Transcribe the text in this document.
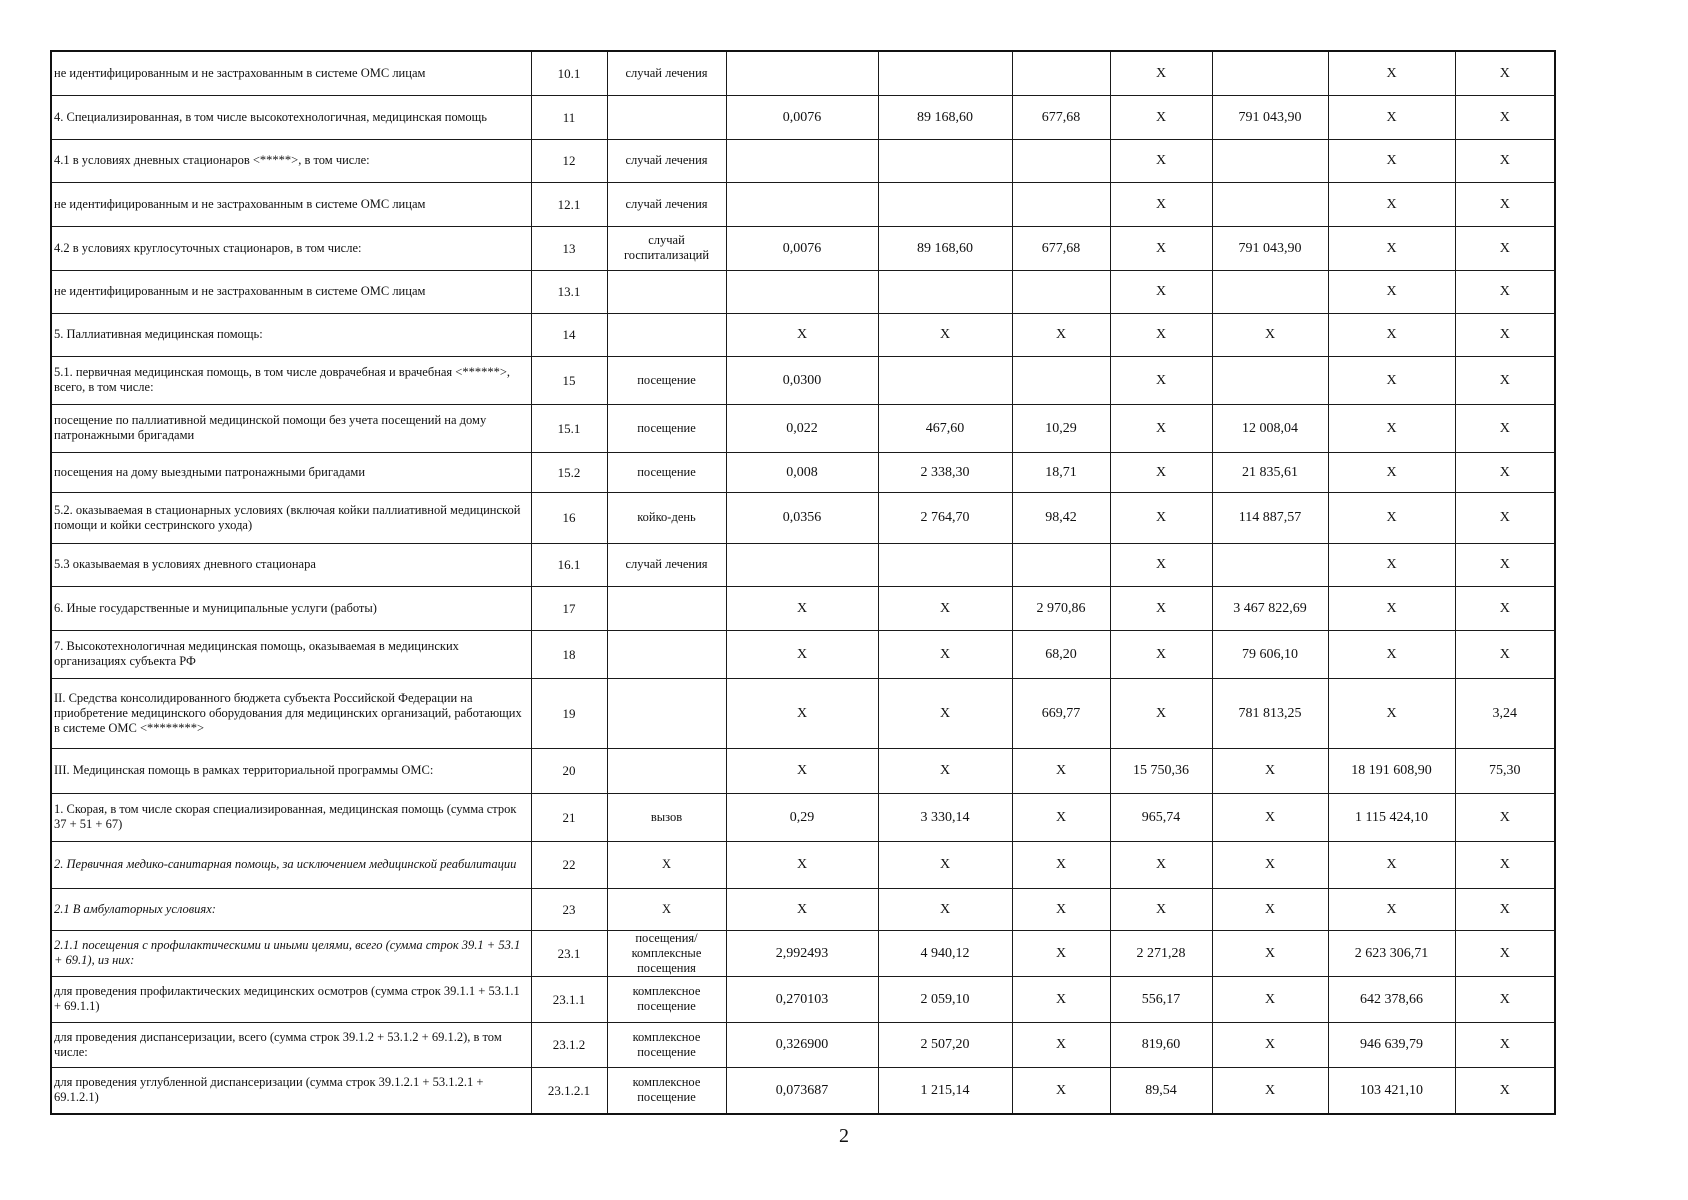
не идентифицированным и не застрахованным в системе ОМС лицам	10.1	случай лечения				Х		Х	Х
4. Специализированная, в том числе высокотехнологичная, медицинская помощь	11		0,0076	89 168,60	677,68	Х	791 043,90	Х	Х
4.1 в условиях дневных стационаров <*****>, в том числе:	12	случай лечения				Х		Х	Х
не идентифицированным и не застрахованным в системе ОМС лицам	12.1	случай лечения				Х		Х	Х
4.2 в условиях круглосуточных стационаров, в том числе:	13	случай госпитализаций	0,0076	89 168,60	677,68	Х	791 043,90	Х	Х
не идентифицированным и не застрахованным в системе ОМС лицам	13.1					Х		Х	Х
5. Паллиативная медицинская помощь:	14		Х	Х	Х	Х	Х	Х	Х
5.1. первичная медицинская помощь, в том числе доврачебная и врачебная <******>, всего, в том числе:	15	посещение	0,0300			Х		Х	Х
посещение по паллиативной медицинской помощи без учета посещений на дому патронажными бригадами	15.1	посещение	0,022	467,60	10,29	Х	12 008,04	Х	Х
посещения на дому выездными патронажными бригадами	15.2	посещение	0,008	2 338,30	18,71	Х	21 835,61	Х	Х
5.2. оказываемая в стационарных условиях (включая койки паллиативной медицинской помощи и койки сестринского ухода)	16	койко-день	0,0356	2 764,70	98,42	Х	114 887,57	Х	Х
5.3 оказываемая в условиях дневного стационара	16.1	случай лечения				Х		Х	Х
6. Иные государственные и муниципальные услуги (работы)	17		Х	Х	2 970,86	Х	3 467 822,69	Х	Х
7. Высокотехнологичная медицинская помощь, оказываемая в медицинских организациях субъекта РФ	18		Х	Х	68,20	Х	79 606,10	Х	Х
II. Средства консолидированного бюджета субъекта Российской Федерации на приобретение медицинского оборудования для медицинских организаций, работающих в системе ОМС <********>	19		Х	Х	669,77	Х	781 813,25	Х	3,24
III. Медицинская помощь в рамках территориальной программы ОМС:	20		Х	Х	Х	15 750,36	Х	18 191 608,90	75,30
1. Скорая, в том числе скорая специализированная, медицинская помощь (сумма строк 37 + 51 + 67)	21	вызов	0,29	3 330,14	Х	965,74	Х	1 115 424,10	Х
2. Первичная медико-санитарная помощь, за исключением медицинской реабилитации	22	Х	Х	Х	Х	Х	Х	Х	Х
2.1 В амбулаторных условиях:	23	Х	Х	Х	Х	Х	Х	Х	Х
2.1.1 посещения с профилактическими и иными целями, всего (сумма строк 39.1 + 53.1 + 69.1), из них:	23.1	посещения/ комплексные посещения	2,992493	4 940,12	Х	2 271,28	Х	2 623 306,71	Х
для проведения профилактических медицинских осмотров (сумма строк 39.1.1 + 53.1.1 + 69.1.1)	23.1.1	комплексное посещение	0,270103	2 059,10	Х	556,17	Х	642 378,66	Х
для проведения диспансеризации, всего (сумма строк 39.1.2 + 53.1.2 + 69.1.2), в том числе:	23.1.2	комплексное посещение	0,326900	2 507,20	Х	819,60	Х	946 639,79	Х
для проведения углубленной диспансеризации (сумма строк 39.1.2.1 + 53.1.2.1 + 69.1.2.1)	23.1.2.1	комплексное посещение	0,073687	1 215,14	Х	89,54	Х	103 421,10	Х
2
